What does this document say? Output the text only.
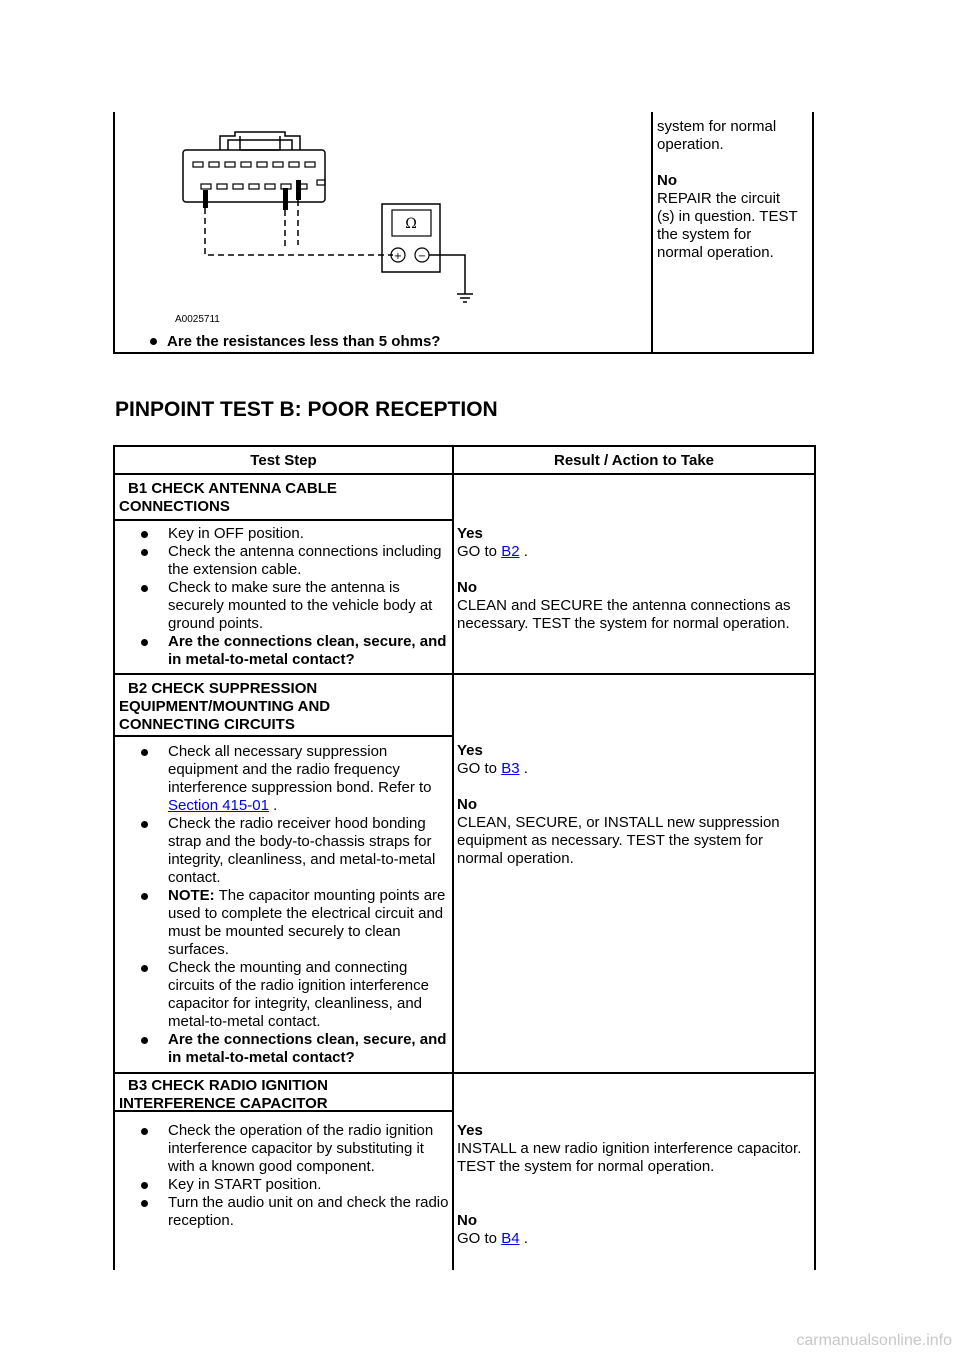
system for normal
operation.
No
REPAIR the circuit
(s) in question. TEST
the system for
normal operation.
Ω
+ −
A0025711
Are the resistances less than 5 ohms?
PINPOINT TEST B: POOR RECEPTION
Test Step	Result / Action to Take
B1 CHECK ANTENNA CABLE
CONNECTIONS
Key in OFF position.
Check the antenna connections including the extension cable.
Check to make sure the antenna is securely mounted to the vehicle body at ground points.
Are the connections clean, secure, and in metal-to-metal contact?
Yes
GO to B2 .
No
CLEAN and SECURE the antenna connections as necessary. TEST the system for normal operation.
B2 CHECK SUPPRESSION
EQUIPMENT/MOUNTING AND
CONNECTING CIRCUITS
Check all necessary suppression equipment and the radio frequency interference suppression bond. Refer to Section 415-01 .
Check the radio receiver hood bonding strap and the body-to-chassis straps for integrity, cleanliness, and metal-to-metal contact.
NOTE: The capacitor mounting points are used to complete the electrical circuit and must be mounted securely to clean surfaces.
Check the mounting and connecting circuits of the radio ignition interference capacitor for integrity, cleanliness, and metal-to-metal contact.
Are the connections clean, secure, and in metal-to-metal contact?
Yes
GO to B3 .
No
CLEAN, SECURE, or INSTALL new suppression equipment as necessary. TEST the system for normal operation.
B3 CHECK RADIO IGNITION
INTERFERENCE CAPACITOR
Check the operation of the radio ignition interference capacitor by substituting it with a known good component.
Key in START position.
Turn the audio unit on and check the radio reception.
Yes
INSTALL a new radio ignition interference capacitor. TEST the system for normal operation.
No
GO to B4 .
carmanualsonline.info
